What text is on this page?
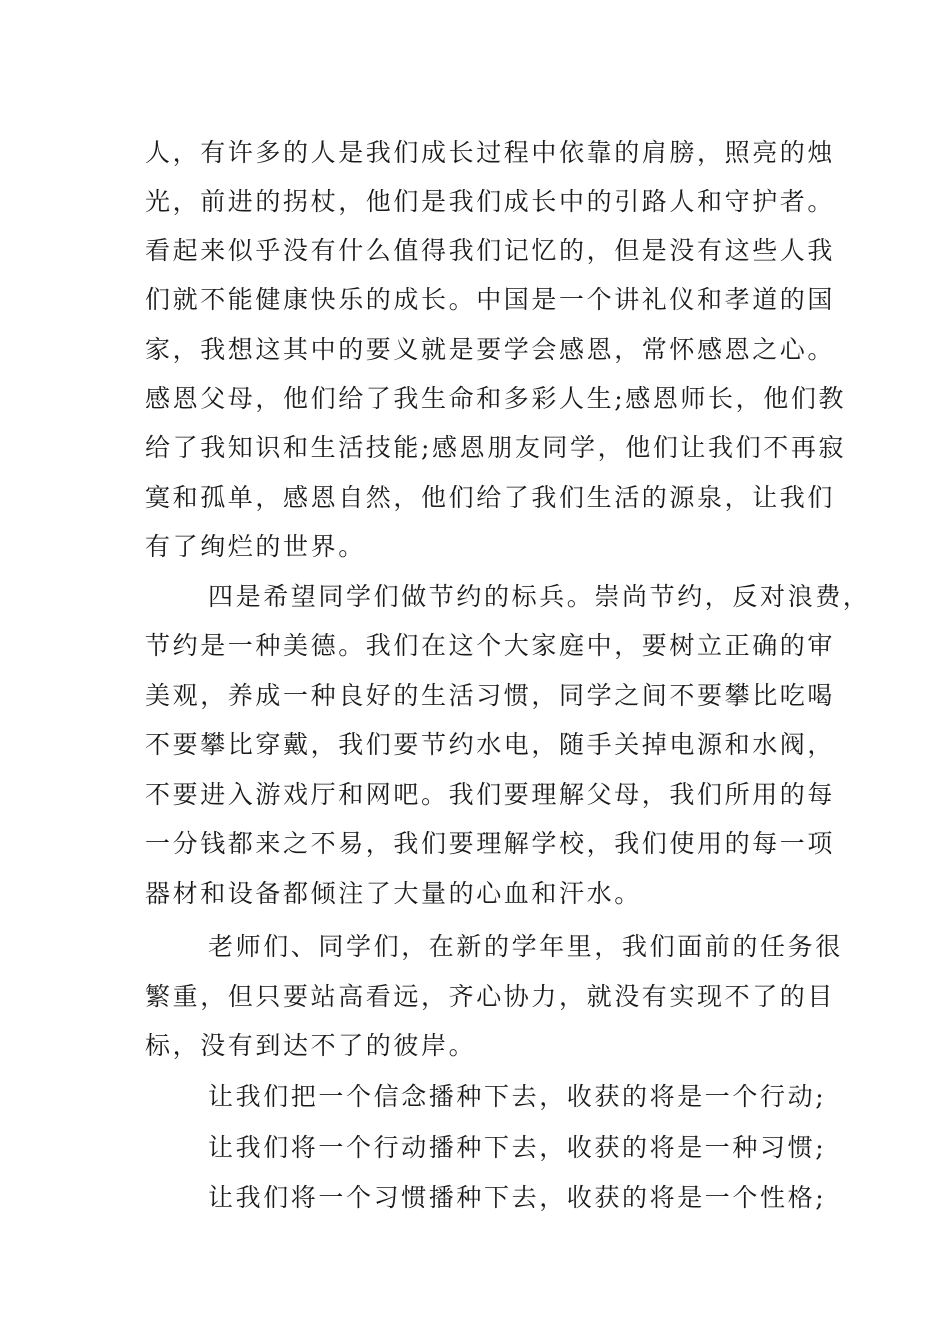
人，有许多的人是我们成长过程中依靠的肩膀，照亮的烛
光，前进的拐杖，他们是我们成长中的引路人和守护者。
看起来似乎没有什么值得我们记忆的，但是没有这些人我
们就不能健康快乐的成长。中国是一个讲礼仪和孝道的国
家，我想这其中的要义就是要学会感恩，常怀感恩之心。
感恩父母，他们给了我生命和多彩人生;感恩师长，他们教
给了我知识和生活技能;感恩朋友同学，他们让我们不再寂
寞和孤单，感恩自然，他们给了我们生活的源泉，让我们
有了绚烂的世界。
四是希望同学们做节约的标兵。崇尚节约，反对浪费，
节约是一种美德。我们在这个大家庭中，要树立正确的审
美观，养成一种良好的生活习惯，同学之间不要攀比吃喝
不要攀比穿戴，我们要节约水电，随手关掉电源和水阀，
不要进入游戏厅和网吧。我们要理解父母，我们所用的每
一分钱都来之不易，我们要理解学校，我们使用的每一项
器材和设备都倾注了大量的心血和汗水。
老师们、同学们，在新的学年里，我们面前的任务很
繁重，但只要站高看远，齐心协力，就没有实现不了的目
标，没有到达不了的彼岸。
让我们把一个信念播种下去，收获的将是一个行动;
让我们将一个行动播种下去，收获的将是一种习惯;
让我们将一个习惯播种下去，收获的将是一个性格;
